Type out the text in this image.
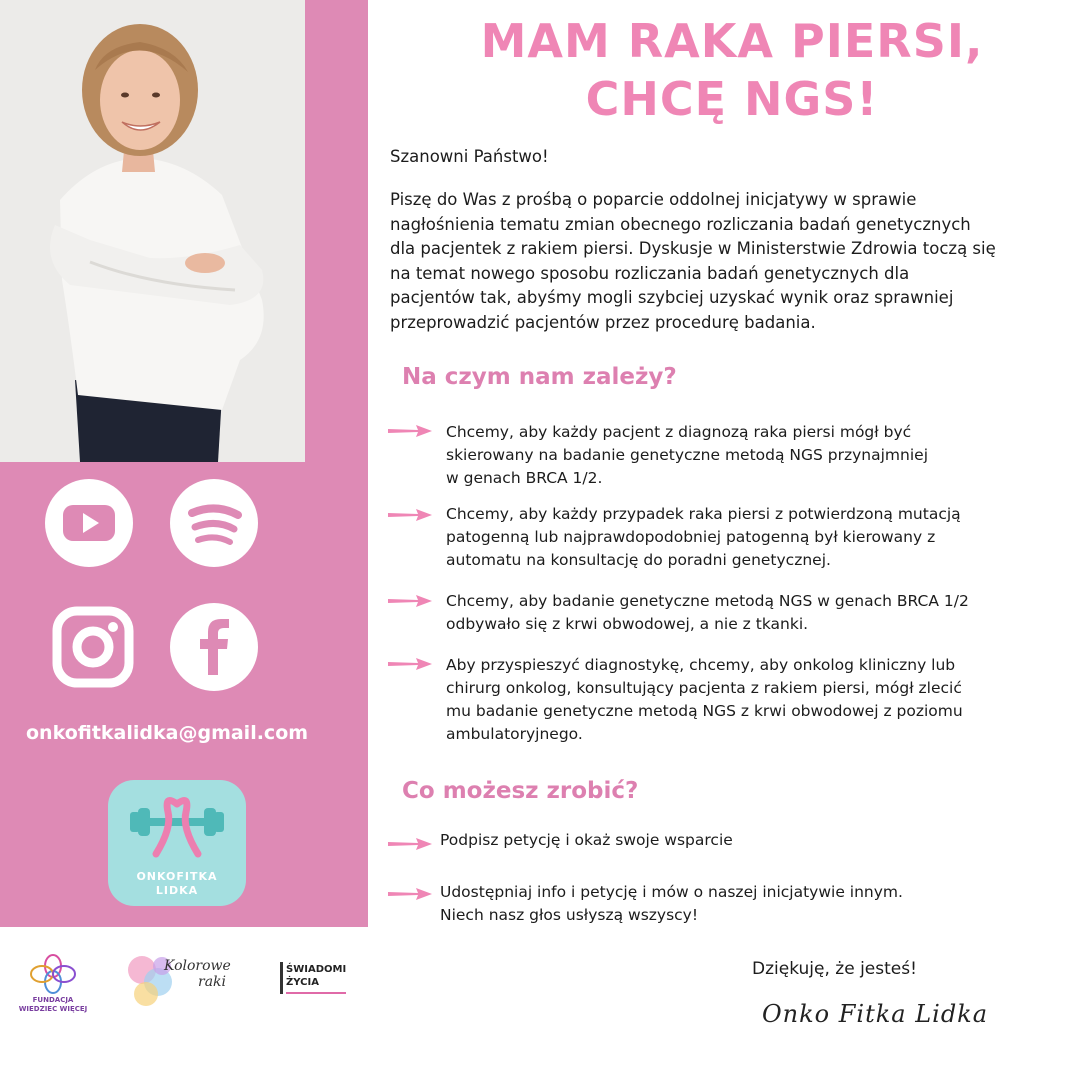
onkofitkalidka@gmail.com
ONKOFITKA
LIDKA
MAM RAKA PIERSI,
CHCĘ NGS!
Szanowni Państwo!
Piszę do Was z prośbą o poparcie oddolnej inicjatywy w sprawie
nagłośnienia tematu zmian obecnego rozliczania badań genetycznych
dla pacjentek z rakiem piersi. Dyskusje w Ministerstwie Zdrowia toczą się
na temat nowego sposobu rozliczania badań genetycznych dla
pacjentów tak, abyśmy mogli szybciej uzyskać wynik oraz sprawniej
przeprowadzić pacjentów przez procedurę badania.
Na czym nam zależy?
Chcemy, aby każdy pacjent z diagnozą raka piersi mógł być
skierowany na badanie genetyczne metodą NGS przynajmniej
w genach BRCA 1/2.
Chcemy, aby każdy przypadek raka piersi z potwierdzoną mutacją
patogenną lub najprawdopodobniej patogenną był kierowany z
automatu na konsultację do poradni genetycznej.
Chcemy, aby badanie genetyczne metodą NGS w genach BRCA 1/2
odbywało się z krwi obwodowej, a nie z tkanki.
Aby przyspieszyć diagnostykę, chcemy, aby onkolog kliniczny lub
chirurg onkolog, konsultujący pacjenta z rakiem piersi, mógł zlecić
mu badanie genetyczne metodą NGS z krwi obwodowej z poziomu
ambulatoryjnego.
Co możesz zrobić?
Podpisz petycję i okaż swoje wsparcie
Udostępniaj info i petycję i mów o naszej inicjatywie innym.
Niech nasz głos usłyszą wszyscy!
FUNDACJA
WIEDZIEC WIĘCEJ
Kolorowe
raki
ŚWIADOMI
ŻYCIA
Dziękuję, że jesteś!
Onko Fitka Lidka
